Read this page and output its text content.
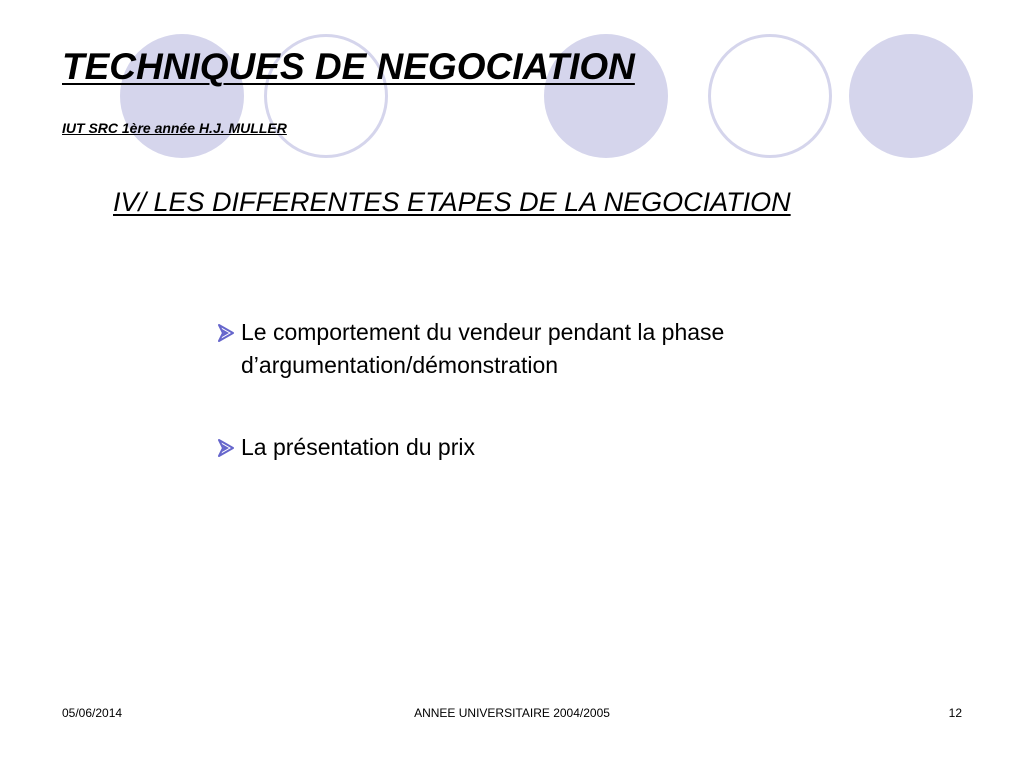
TECHNIQUES DE NEGOCIATION

IUT SRC 1ère année H.J. MULLER

IV/ LES DIFFERENTES ETAPES DE LA NEGOCIATION
Le comportement du vendeur pendant la phase d’argumentation/démonstration
La présentation du prix
05/06/2014	ANNEE UNIVERSITAIRE 2004/2005	12
